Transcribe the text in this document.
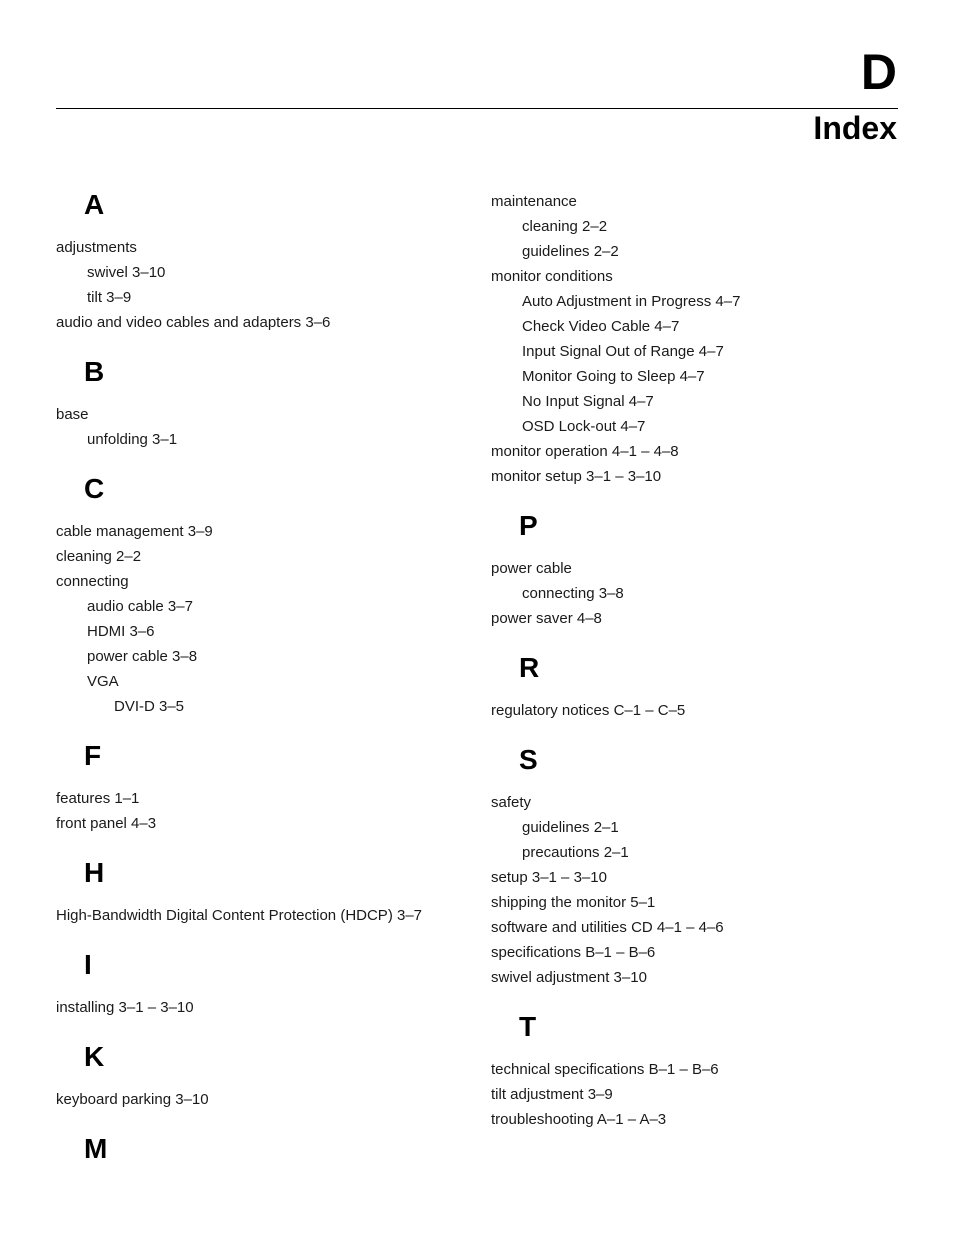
D
Index
A
adjustments
swivel 3–10
tilt 3–9
audio and video cables and adapters 3–6
B
base
unfolding 3–1
C
cable management 3–9
cleaning 2–2
connecting
audio cable 3–7
HDMI 3–6
power cable 3–8
VGA
DVI-D 3–5
F
features 1–1
front panel 4–3
H
High-Bandwidth Digital Content Protection (HDCP) 3–7
I
installing 3–1 – 3–10
K
keyboard parking 3–10
M
maintenance
cleaning 2–2
guidelines 2–2
monitor conditions
Auto Adjustment in Progress 4–7
Check Video Cable 4–7
Input Signal Out of Range 4–7
Monitor Going to Sleep 4–7
No Input Signal 4–7
OSD Lock-out 4–7
monitor operation 4–1 – 4–8
monitor setup 3–1 – 3–10
P
power cable
connecting 3–8
power saver 4–8
R
regulatory notices C–1 – C–5
S
safety
guidelines 2–1
precautions 2–1
setup 3–1 – 3–10
shipping the monitor 5–1
software and utilities CD 4–1 – 4–6
specifications B–1 – B–6
swivel adjustment 3–10
T
technical specifications B–1 – B–6
tilt adjustment 3–9
troubleshooting A–1 – A–3
